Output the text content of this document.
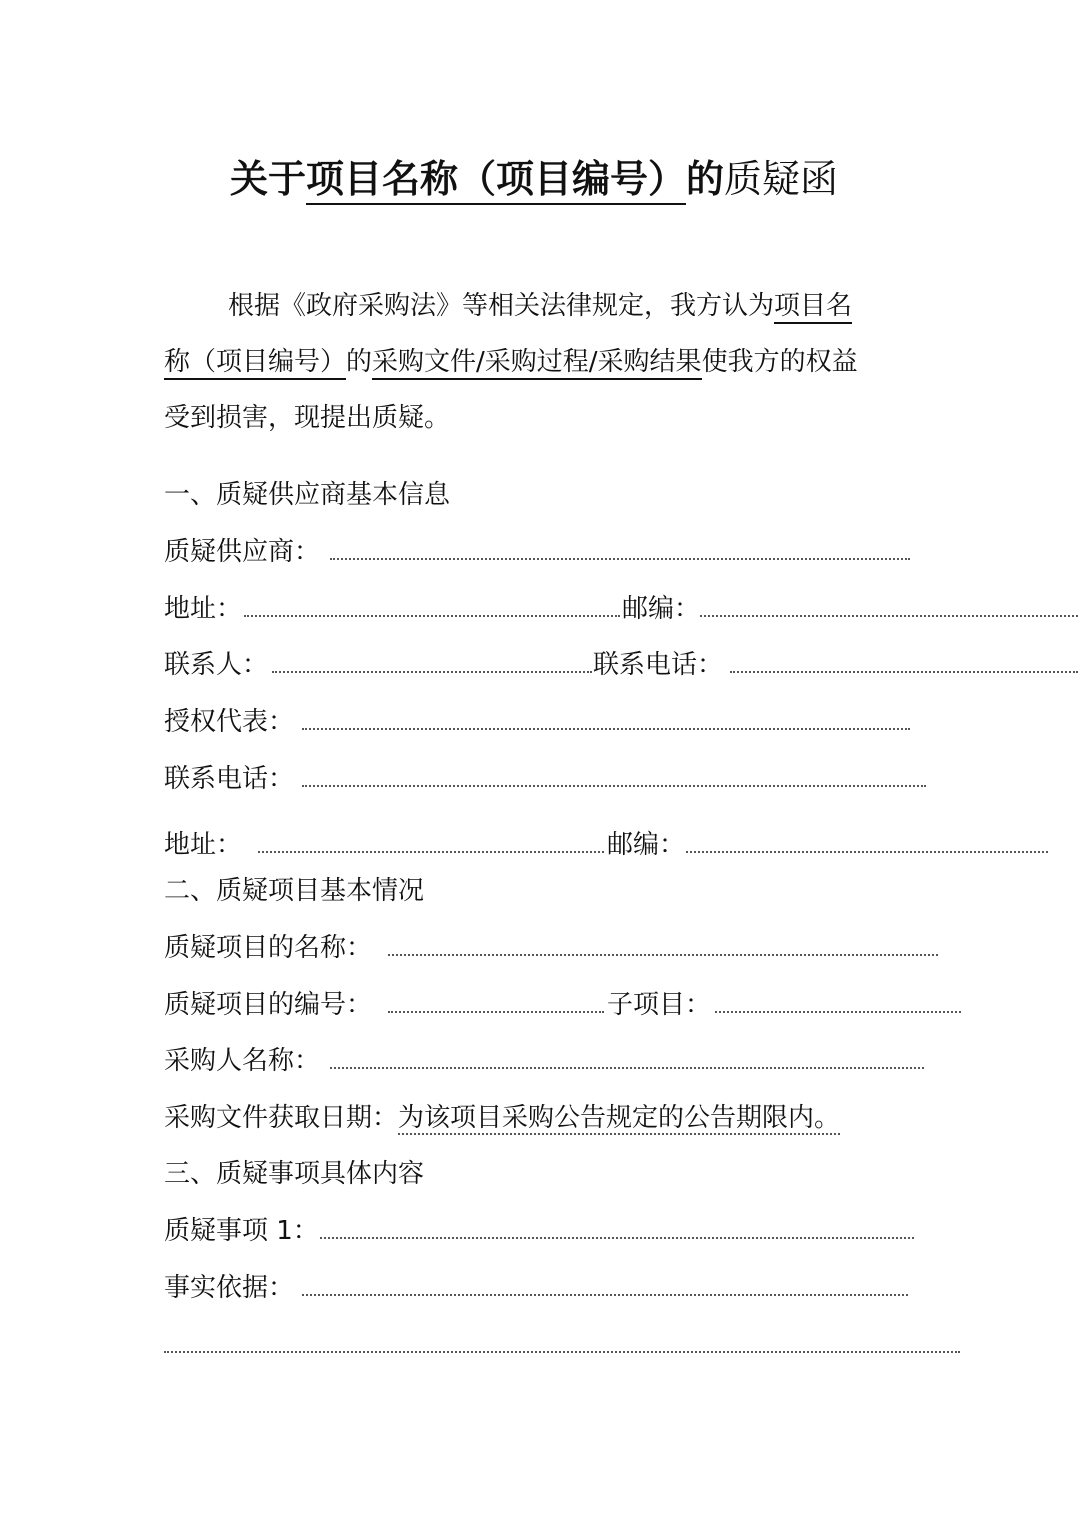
关于项目名称（项目编号）的质疑函
根据《政府采购法》等相关法律规定，我方认为项目名
称（项目编号）的采购文件/采购过程/采购结果使我方的权益
受到损害，现提出质疑。
一、质疑供应商基本信息
质疑供应商：
地址：	邮编：
联系人：	联系电话：
授权代表：
联系电话：
地址：	邮编：
二、质疑项目基本情况
质疑项目的名称：
质疑项目的编号：	子项目：
采购人名称：
采购文件获取日期：为该项目采购公告规定的公告期限内。
三、质疑事项具体内容
质疑事项 1：
事实依据：
